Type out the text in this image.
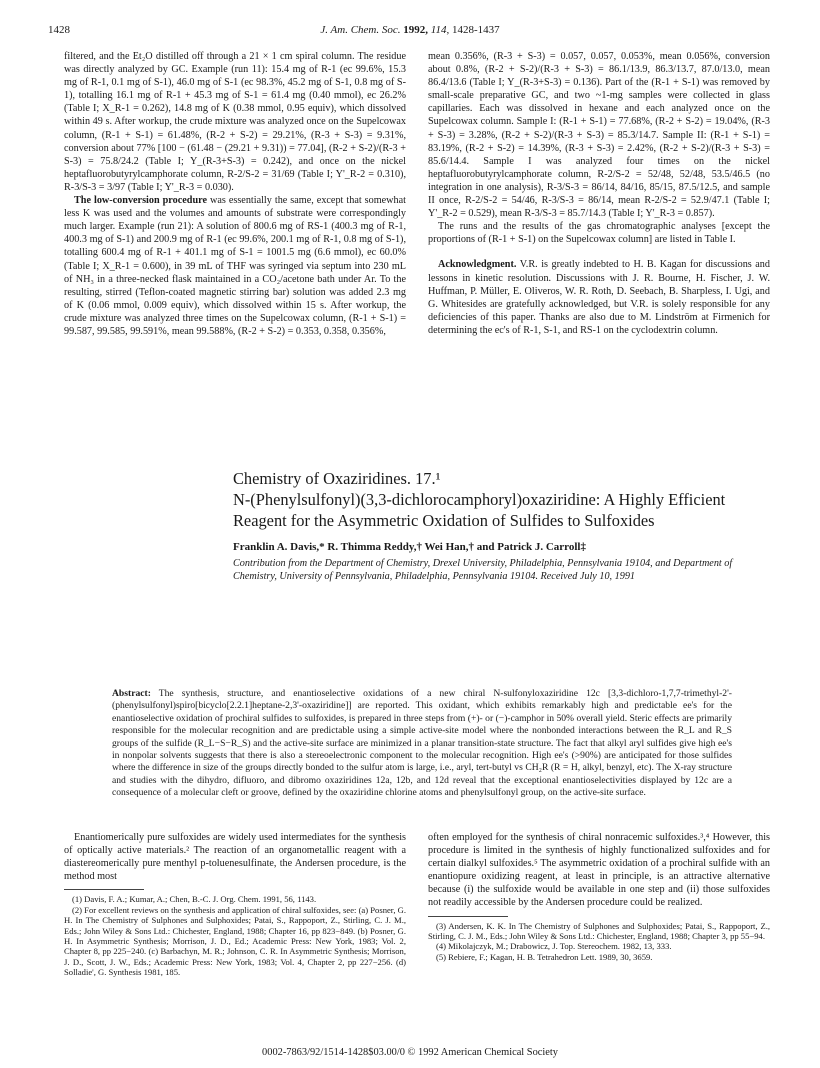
1428	J. Am. Chem. Soc. 1992, 114, 1428-1437

filtered, and the Et₂O distilled off through a 21 × 1 cm spiral column. The residue was directly analyzed by GC. Example (run 11): 15.4 mg of R-1 (ec 99.6%, 15.3 mg of R-1, 0.1 mg of S-1), 46.0 mg of S-1 (ec 98.3%, 45.2 mg of S-1, 0.8 mg of S-1), totalling 16.1 mg of R-1 + 45.3 mg of S-1 = 61.4 mg (0.40 mmol), ec 26.2% (Table I; X_R-1 = 0.262), 14.8 mg of K (0.38 mmol, 0.95 equiv), which dissolved within 49 s. After workup, the crude mixture was analyzed once on the Supelcowax column, (R-1 + S-1) = 61.48%, (R-2 + S-2) = 29.21%, (R-3 + S-3) = 9.31%, conversion about 77% [100 − (61.48 − (29.21 + 9.31)) = 77.04], (R-2 + S-2)/(R-3 + S-3) = 75.8/24.2 (Table I; Y_(R-3+S-3) = 0.242), and once on the nickel heptafluorobutyrylcamphorate column, R-2/S-2 = 31/69 (Table I; Y'_R-2 = 0.310), R-3/S-3 = 3/97 (Table I; Y'_R-3 = 0.030).

The low-conversion procedure was essentially the same, except that somewhat less K was used and the volumes and amounts of substrate were correspondingly much larger. Example (run 21): A solution of 800.6 mg of RS-1 (400.3 mg of R-1, 400.3 mg of S-1) and 200.9 mg of R-1 (ec 99.6%, 200.1 mg of R-1, 0.8 mg of S-1), totalling 600.4 mg of R-1 + 401.1 mg of S-1 = 1001.5 mg (6.6 mmol), ec 60.0% (Table I; X_R-1 = 0.600), in 39 mL of THF was syringed via septum into 230 mL of NH₃ in a three-necked flask maintained in a CO₂/acetone bath under Ar. To the resulting, stirred (Teflon-coated magnetic stirring bar) solution was added 2.3 mg of K (0.06 mmol, 0.009 equiv), which dissolved within 15 s. After workup, the crude mixture was analyzed three times on the Supelcowax column, (R-1 + S-1) = 99.587, 99.585, 99.591%, mean 99.588%, (R-2 + S-2) = 0.353, 0.358, 0.356%,

mean 0.356%, (R-3 + S-3) = 0.057, 0.057, 0.053%, mean 0.056%, conversion about 0.8%, (R-2 + S-2)/(R-3 + S-3) = 86.1/13.9, 86.3/13.7, 87.0/13.0, mean 86.4/13.6 (Table I; Y_(R-3+S-3) = 0.136). Part of the (R-1 + S-1) was removed by small-scale preparative GC, and two ~1-mg samples were collected in glass capillaries. Each was dissolved in hexane and each analyzed once on the Supelcowax column. Sample I: (R-1 + S-1) = 77.68%, (R-2 + S-2) = 19.04%, (R-3 + S-3) = 3.28%, (R-2 + S-2)/(R-3 + S-3) = 85.3/14.7. Sample II: (R-1 + S-1) = 83.19%, (R-2 + S-2) = 14.39%, (R-3 + S-3) = 2.42%, (R-2 + S-2)/(R-3 + S-3) = 85.6/14.4. Sample I was analyzed four times on the nickel heptafluorobutyrylcamphorate column, R-2/S-2 = 52/48, 52/48, 53.5/46.5 (no integration in one analysis), R-3/S-3 = 86/14, 84/16, 85/15, 87.5/12.5, and sample II once, R-2/S-2 = 54/46, R-3/S-3 = 86/14, mean R-2/S-2 = 52.9/47.1 (Table I; Y'_R-2 = 0.529), mean R-3/S-3 = 85.7/14.3 (Table I; Y'_R-3 = 0.857).

The runs and the results of the gas chromatographic analyses [except the proportions of (R-1 + S-1) on the Supelcowax column] are listed in Table I.

Acknowledgment. V.R. is greatly indebted to H. B. Kagan for discussions and lessons in kinetic resolution. Discussions with J. R. Bourne, H. Fischer, J. W. Huffman, P. Müller, E. Oliveros, W. R. Roth, D. Seebach, B. Sharpless, I. Ugi, and G. Whitesides are gratefully acknowledged, but V.R. is solely responsible for any deficiencies of this paper. Thanks are also due to M. Lindström at Firmenich for determining the ec's of R-1, S-1, and RS-1 on the cyclodextrin column.

Chemistry of Oxaziridines. 17.¹
N-(Phenylsulfonyl)(3,3-dichlorocamphoryl)oxaziridine: A Highly Efficient Reagent for the Asymmetric Oxidation of Sulfides to Sulfoxides
Franklin A. Davis,* R. Thimma Reddy,† Wei Han,† and Patrick J. Carroll‡
Contribution from the Department of Chemistry, Drexel University, Philadelphia, Pennsylvania 19104, and Department of Chemistry, University of Pennsylvania, Philadelphia, Pennsylvania 19104. Received July 10, 1991
Abstract: The synthesis, structure, and enantioselective oxidations of a new chiral N-sulfonyloxaziridine 12c [3,3-dichloro-1,7,7-trimethyl-2'-(phenylsulfonyl)spiro[bicyclo[2.2.1]heptane-2,3'-oxaziridine]] are reported. This oxidant, which exhibits remarkably high and predictable ee's for the enantioselective oxidation of prochiral sulfides to sulfoxides, is prepared in three steps from (+)- or (−)-camphor in 50% overall yield. Steric effects are primarily responsible for the molecular recognition and are predictable using a simple active-site model where the nonbonded interactions between the R_L and R_S groups of the sulfide (R_L−S−R_S) and the active-site surface are minimized in a planar transition-state structure. The fact that alkyl aryl sulfides give high ee's in nonpolar solvents suggests that there is also a stereoelectronic component to the molecular recognition. High ee's (>90%) are anticipated for those sulfides where the difference in size of the groups directly bonded to the sulfur atom is large, i.e., aryl, tert-butyl vs CH₂R (R = H, alkyl, benzyl, etc). The X-ray structure and studies with the dihydro, difluoro, and dibromo oxaziridines 12a, 12b, and 12d reveal that the exceptional enantioselectivities displayed by 12c are a consequence of a molecular cleft or groove, defined by the oxaziridine chlorine atoms and phenylsulfonyl group, on the active-site surface.

Enantiomerically pure sulfoxides are widely used intermediates for the synthesis of optically active materials.² The reaction of an organometallic reagent with a diastereomerically pure menthyl p-toluenesulfinate, the Andersen procedure, is the method most

(1) Davis, F. A.; Kumar, A.; Chen, B.-C. J. Org. Chem. 1991, 56, 1143.
(2) For excellent reviews on the synthesis and application of chiral sulfoxides, see: (a) Posner, G. H. In The Chemistry of Sulphones and Sulphoxides; Patai, S., Rappoport, Z., Stirling, C. J. M., Eds.; John Wiley & Sons Ltd.: Chichester, England, 1988; Chapter 16, pp 823−849. (b) Posner, G. H. In Asymmetric Synthesis; Morrison, J. D., Ed.; Academic Press: New York, 1983; Vol. 2, Chapter 8, pp 225−240. (c) Barbachyn, M. R.; Johnson, C. R. In Asymmetric Synthesis; Morrison, J. D., Scott, J. W., Eds.; Academic Press: New York, 1983; Vol. 4, Chapter 2, pp 227−256. (d) Solladie', G. Synthesis 1981, 185.

often employed for the synthesis of chiral nonracemic sulfoxides.³,⁴ However, this procedure is limited in the synthesis of highly functionalized sulfoxides and for certain dialkyl sulfoxides.⁵ The asymmetric oxidation of a prochiral sulfide with an enantiopure oxidizing reagent, at least in principle, is an attractive alternative because (i) the sulfoxide would be available in one step and (ii) those sulfoxides not readily accessible by the Andersen procedure could be realized.

(3) Andersen, K. K. In The Chemistry of Sulphones and Sulphoxides; Patai, S., Rappoport, Z., Stirling, C. J. M., Eds.; John Wiley & Sons Ltd.: Chichester, England, 1988; Chapter 3, pp 55−94.
(4) Mikolajczyk, M.; Drabowicz, J. Top. Stereochem. 1982, 13, 333.
(5) Rebiere, F.; Kagan, H. B. Tetrahedron Lett. 1989, 30, 3659.
0002-7863/92/1514-1428$03.00/0 © 1992 American Chemical Society
